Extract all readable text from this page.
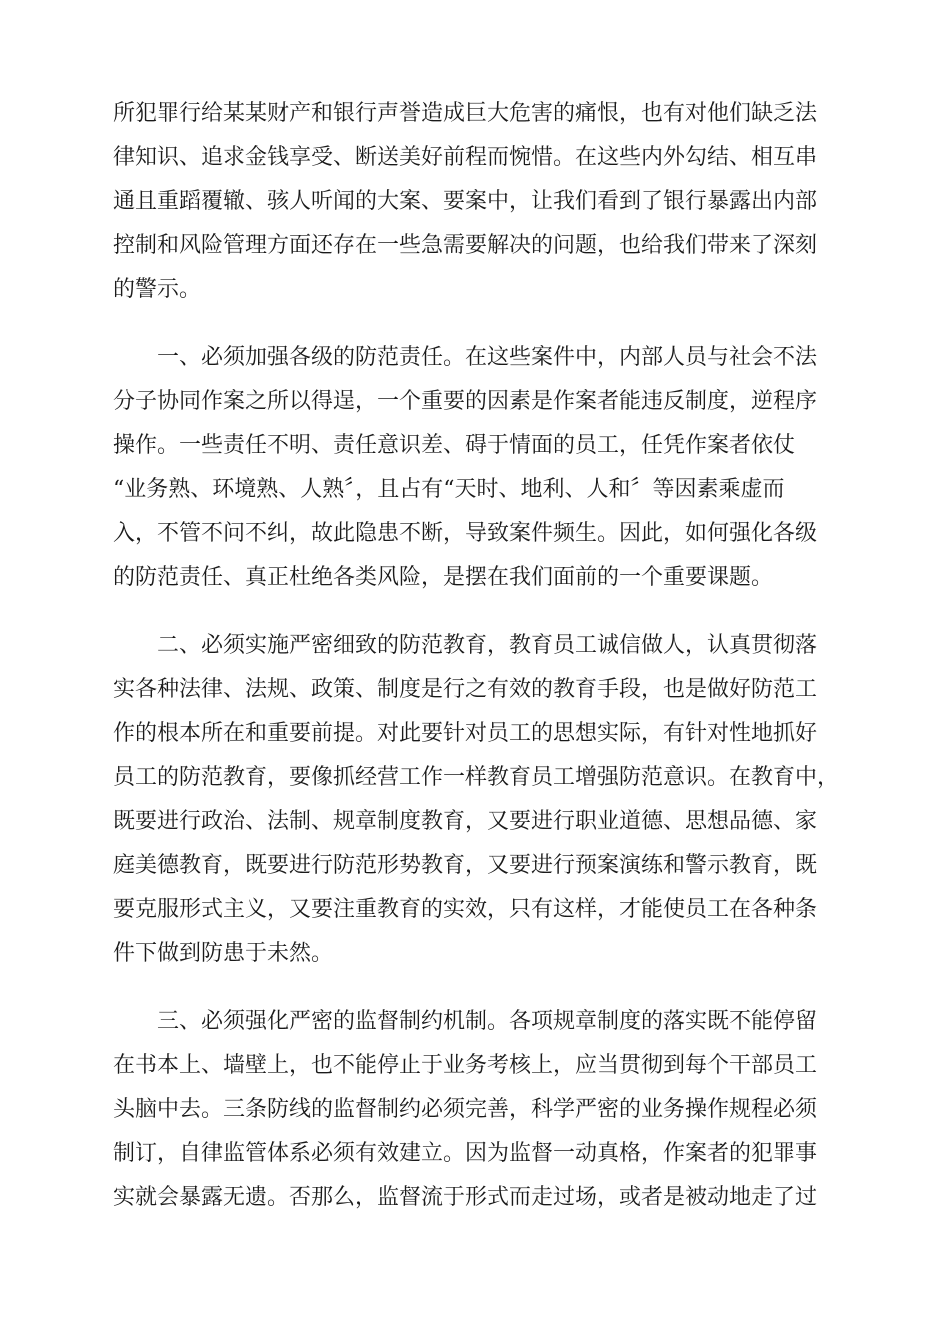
所犯罪行给某某财产和银行声誉造成巨大危害的痛恨，也有对他们缺乏法
律知识、追求金钱享受、断送美好前程而惋惜。在这些内外勾结、相互串
通且重蹈覆辙、骇人听闻的大案、要案中，让我们看到了银行暴露出内部
控制和风险管理方面还存在一些急需要解决的问题，也给我们带来了深刻
的警示。
　　一、必须加强各级的防范责任。在这些案件中，内部人员与社会不法
分子协同作案之所以得逞，一个重要的因素是作案者能违反制度，逆程序
操作。一些责任不明、责任意识差、碍于情面的员工，任凭作案者依仗
“业务熟、环境熟、人熟〞，且占有“天时、地利、人和〞等因素乘虚而
入，不管不问不纠，故此隐患不断，导致案件频生。因此，如何强化各级
的防范责任、真正杜绝各类风险，是摆在我们面前的一个重要课题。
　　二、必须实施严密细致的防范教育，教育员工诚信做人，认真贯彻落
实各种法律、法规、政策、制度是行之有效的教育手段，也是做好防范工
作的根本所在和重要前提。对此要针对员工的思想实际，有针对性地抓好
员工的防范教育，要像抓经营工作一样教育员工增强防范意识。在教育中，
既要进行政治、法制、规章制度教育，又要进行职业道德、思想品德、家
庭美德教育，既要进行防范形势教育，又要进行预案演练和警示教育，既
要克服形式主义，又要注重教育的实效，只有这样，才能使员工在各种条
件下做到防患于未然。
　　三、必须强化严密的监督制约机制。各项规章制度的落实既不能停留
在书本上、墙壁上，也不能停止于业务考核上，应当贯彻到每个干部员工
头脑中去。三条防线的监督制约必须完善，科学严密的业务操作规程必须
制订，自律监管体系必须有效建立。因为监督一动真格，作案者的犯罪事
实就会暴露无遗。否那么，监督流于形式而走过场，或者是被动地走了过
